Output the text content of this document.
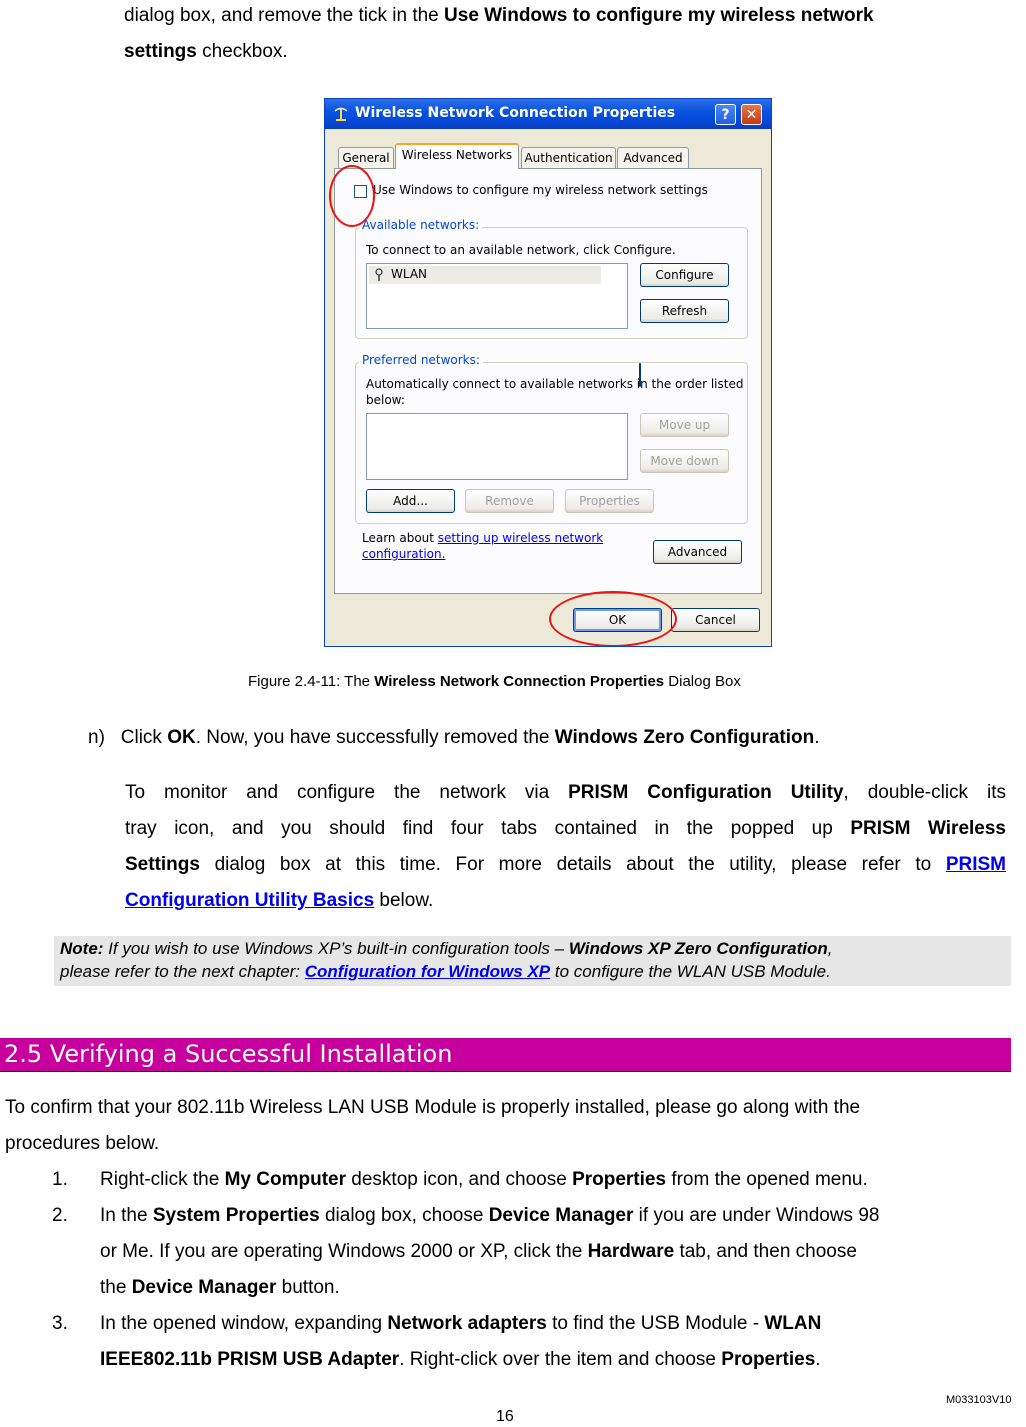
dialog box, and remove the tick in the Use Windows to configure my wireless network
settings checkbox.
Wireless Network Connection Properties	?	✕
General	Wireless Networks	Authentication Advanced
Use Windows to configure my wireless network settings
Available networks:
To connect to an available network, click Configure.
WLAN	Configure
Refresh
Preferred networks:
Automatically connect to available networks in the order listed
below:
Move up
Move down
Add...	Remove	Properties
Learn about setting up wireless network
configuration.	Advanced
OK	Cancel
Figure 2.4-11: The Wireless Network Connection Properties Dialog Box
n) Click OK. Now, you have successfully removed the Windows Zero Configuration.
To monitor and configure the network via PRISM Configuration Utility, double-click its
tray icon, and you should find four tabs contained in the popped up PRISM Wireless
Settings dialog box at this time. For more details about the utility, please refer to PRISM
Configuration Utility Basics below.
Note: If you wish to use Windows XP’s built-in configuration tools – Windows XP Zero Configuration,
please refer to the next chapter: Configuration for Windows XP to configure the WLAN USB Module.
2.5 Verifying a Successful Installation
To confirm that your 802.11b Wireless LAN USB Module is properly installed, please go along with the
procedures below.
1. Right-click the My Computer desktop icon, and choose Properties from the opened menu.
2. In the System Properties dialog box, choose Device Manager if you are under Windows 98
or Me. If you are operating Windows 2000 or XP, click the Hardware tab, and then choose
the Device Manager button.
3. In the opened window, expanding Network adapters to find the USB Module - WLAN
IEEE802.11b PRISM USB Adapter. Right-click over the item and choose Properties.
M033103V10
16
